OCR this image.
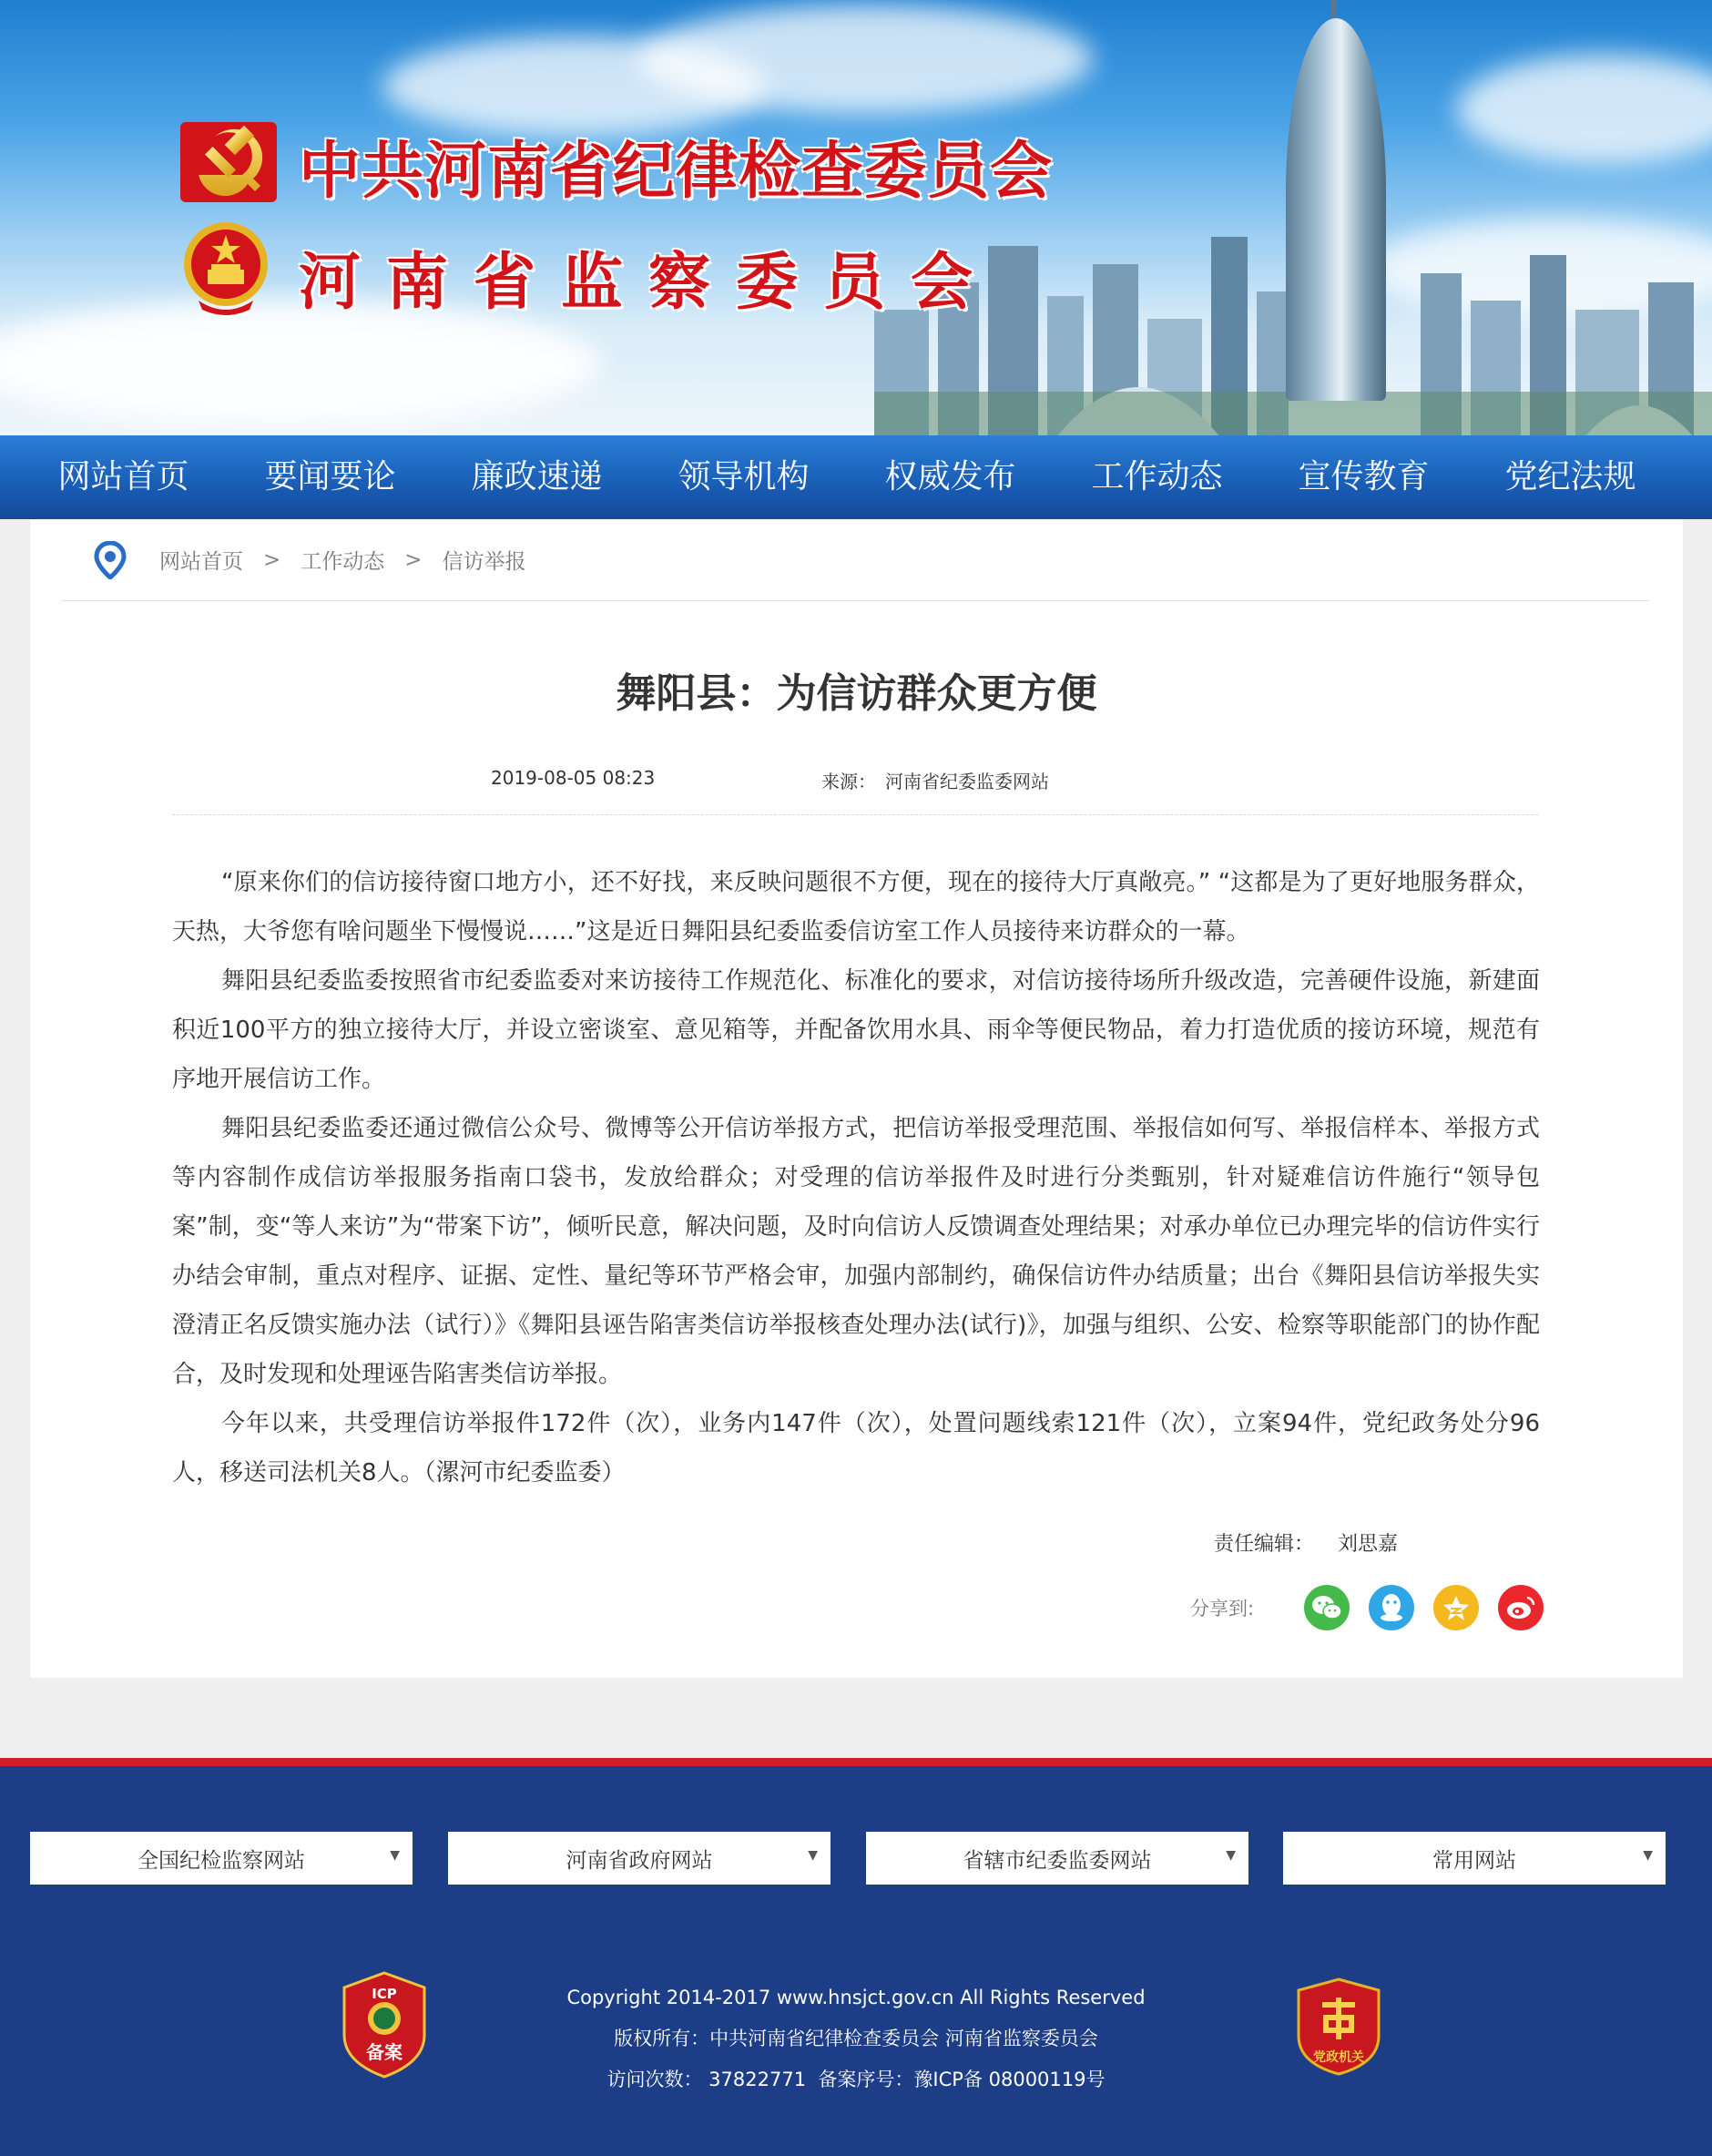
中共河南省纪律检查委员会
河南省监察委员会
网站首页	要闻要论	廉政速递	领导机构	权威发布	工作动态	宣传教育	党纪法规
网站首页 > 工作动态 > 信访举报
舞阳县：为信访群众更方便
2019-08-05 08:23	来源： 河南省纪委监委网站

“原来你们的信访接待窗口地方小，还不好找，来反映问题很不方便，现在的接待大厅真敞亮。” “这都是为了更好地服务群众，天热，大爷您有啥问题坐下慢慢说……”这是近日舞阳县纪委监委信访室工作人员接待来访群众的一幕。

舞阳县纪委监委按照省市纪委监委对来访接待工作规范化、标准化的要求，对信访接待场所升级改造，完善硬件设施，新建面积近100平方的独立接待大厅，并设立密谈室、意见箱等，并配备饮用水具、雨伞等便民物品，着力打造优质的接访环境，规范有序地开展信访工作。

舞阳县纪委监委还通过微信公众号、微博等公开信访举报方式，把信访举报受理范围、举报信如何写、举报信样本、举报方式等内容制作成信访举报服务指南口袋书，发放给群众；对受理的信访举报件及时进行分类甄别，针对疑难信访件施行“领导包案”制，变“等人来访”为“带案下访”，倾听民意，解决问题，及时向信访人反馈调查处理结果；对承办单位已办理完毕的信访件实行办结会审制，重点对程序、证据、定性、量纪等环节严格会审，加强内部制约，确保信访件办结质量；出台《舞阳县信访举报失实澄清正名反馈实施办法（试行）》《舞阳县诬告陷害类信访举报核查处理办法(试行)》，加强与组织、公安、检察等职能部门的协作配合，及时发现和处理诬告陷害类信访举报。

今年以来，共受理信访举报件172件（次），业务内147件（次），处置问题线索121件（次），立案94件，党纪政务处分96人，移送司法机关8人。（漯河市纪委监委）

责任编辑： 刘思嘉
分享到:
全国纪检监察网站	▼	河南省政府网站	▼	省辖市纪委监委网站	▼	常用网站	▼
ICP
备案
Copyright 2014-2017 www.hnsjct.gov.cn All Rights Reserved
版权所有：中共河南省纪律检查委员会 河南省监察委员会
访问次数： 37822771 备案序号：豫ICP备 08000119号
党政机关
